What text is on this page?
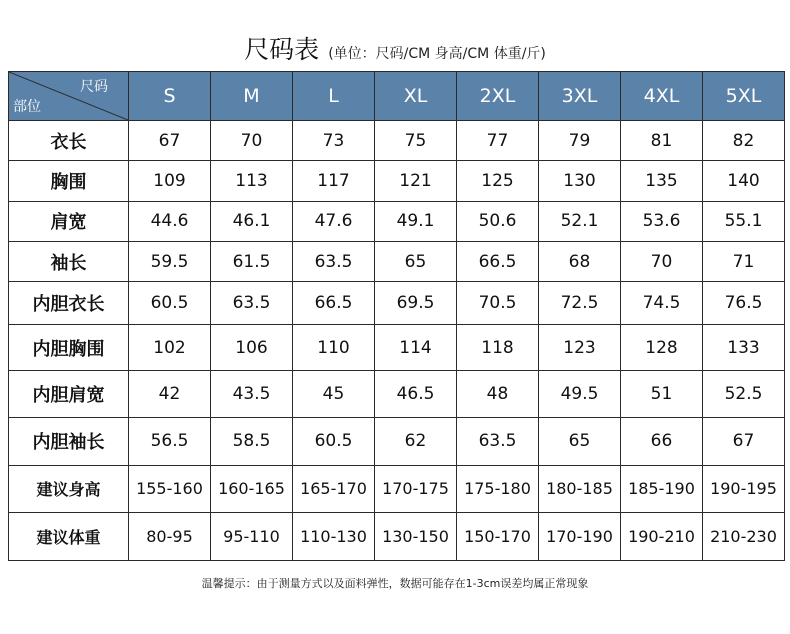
尺码表 (单位：尺码/CM 身高/CM 体重/斤)
尺码
部位	S	M	L	XL	2XL	3XL	4XL	5XL
衣长	67	70	73	75	77	79	81	82
胸围	109	113	117	121	125	130	135	140
肩宽	44.6	46.1	47.6	49.1	50.6	52.1	53.6	55.1
袖长	59.5	61.5	63.5	65	66.5	68	70	71
内胆衣长	60.5	63.5	66.5	69.5	70.5	72.5	74.5	76.5
内胆胸围	102	106	110	114	118	123	128	133
内胆肩宽	42	43.5	45	46.5	48	49.5	51	52.5
内胆袖长	56.5	58.5	60.5	62	63.5	65	66	67
建议身高	155-160	160-165	165-170	170-175	175-180	180-185	185-190	190-195
建议体重	80-95	95-110	110-130	130-150	150-170	170-190	190-210	210-230
温馨提示：由于测量方式以及面料弹性，数据可能存在1-3cm误差均属正常现象
